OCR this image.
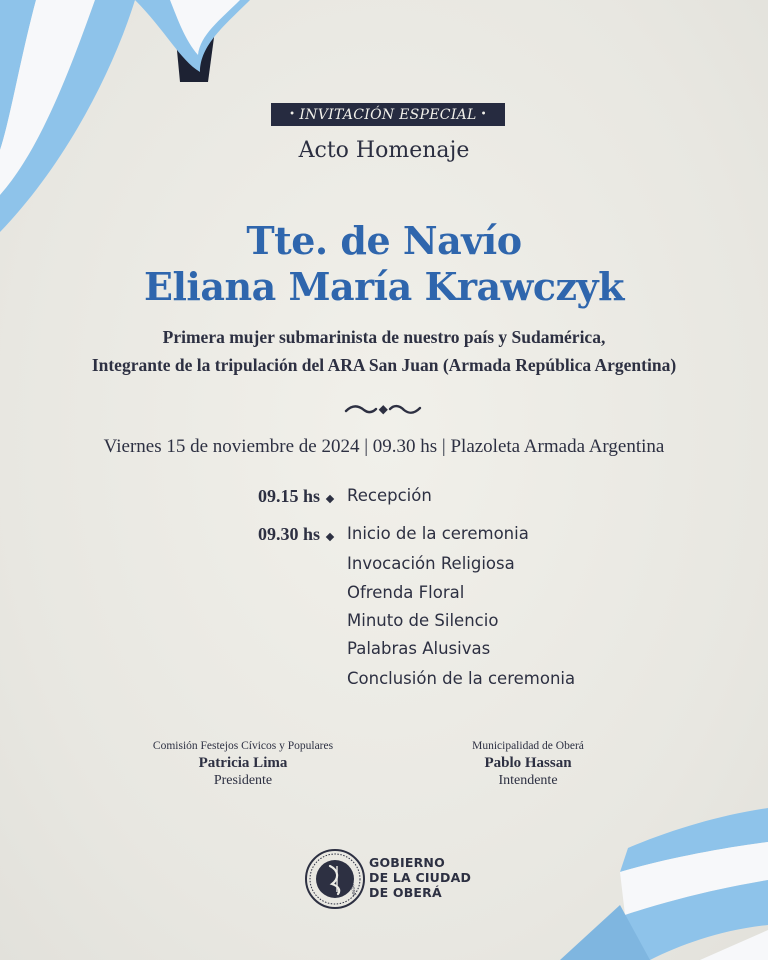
• INVITACIÓN ESPECIAL •
Acto Homenaje
Tte. de Navío
Eliana María Krawczyk
Primera mujer submarinista de nuestro país y Sudamérica,
Integrante de la tripulación del ARA San Juan (Armada República Argentina)
Viernes 15 de noviembre de 2024 | 09.30 hs | Plazoleta Armada Argentina
09.15 hs Recepción
09.30 hs Inicio de la ceremonia
Invocación Religiosa
Ofrenda Floral
Minuto de Silencio
Palabras Alusivas
Conclusión de la ceremonia
Comisión Festejos Cívicos y Populares
Patricia Lima
Presidente
Municipalidad de Oberá
Pablo Hassan
Intendente
OBERÁ
GOBIERNO
DE LA CIUDAD
DE OBERÁ
